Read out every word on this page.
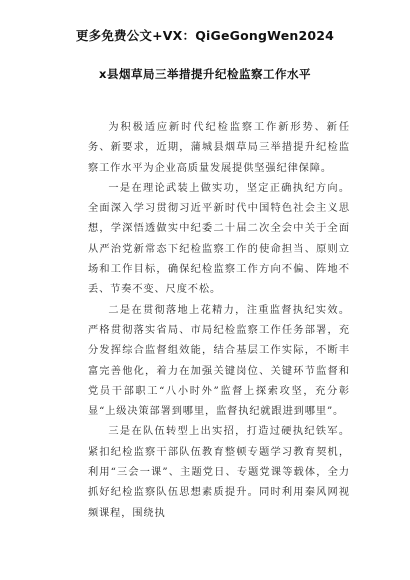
更多免费公文+VX：QiGeGongWen2024
x县烟草局三举措提升纪检监察工作水平

为积极适应新时代纪检监察工作新形势、新任务、新要求，近期，蒲城县烟草局三举措提升纪检监察工作水平为企业高质量发展提供坚强纪律保障。

一是在理论武装上做实功，坚定正确执纪方向。全面深入学习贯彻习近平新时代中国特色社会主义思想，学深悟透做实中纪委二十届二次全会中关于全面从严治党新常态下纪检监察工作的使命担当、原则立场和工作目标，确保纪检监察工作方向不偏、阵地不丢、节奏不变、尺度不松。

二是在贯彻落地上花精力，注重监督执纪实效。严格贯彻落实省局、市局纪检监察工作任务部署，充分发挥综合监督组效能，结合基层工作实际，不断丰富完善他化，着力在加强关键岗位、关键环节监督和党员干部职工“八小时外”监督上探索攻坚，充分彰显“上级决策部署到哪里，监督执纪就跟进到哪里”。

三是在队伍转型上出实招，打造过硬执纪铁军。紧扣纪检监察干部队伍教育整顿专题学习教育契机，利用“三会一课”、主题党日、专题党课等载体，全力抓好纪检监察队伍思想素质提升。同时利用秦风网视频课程，围绕执
